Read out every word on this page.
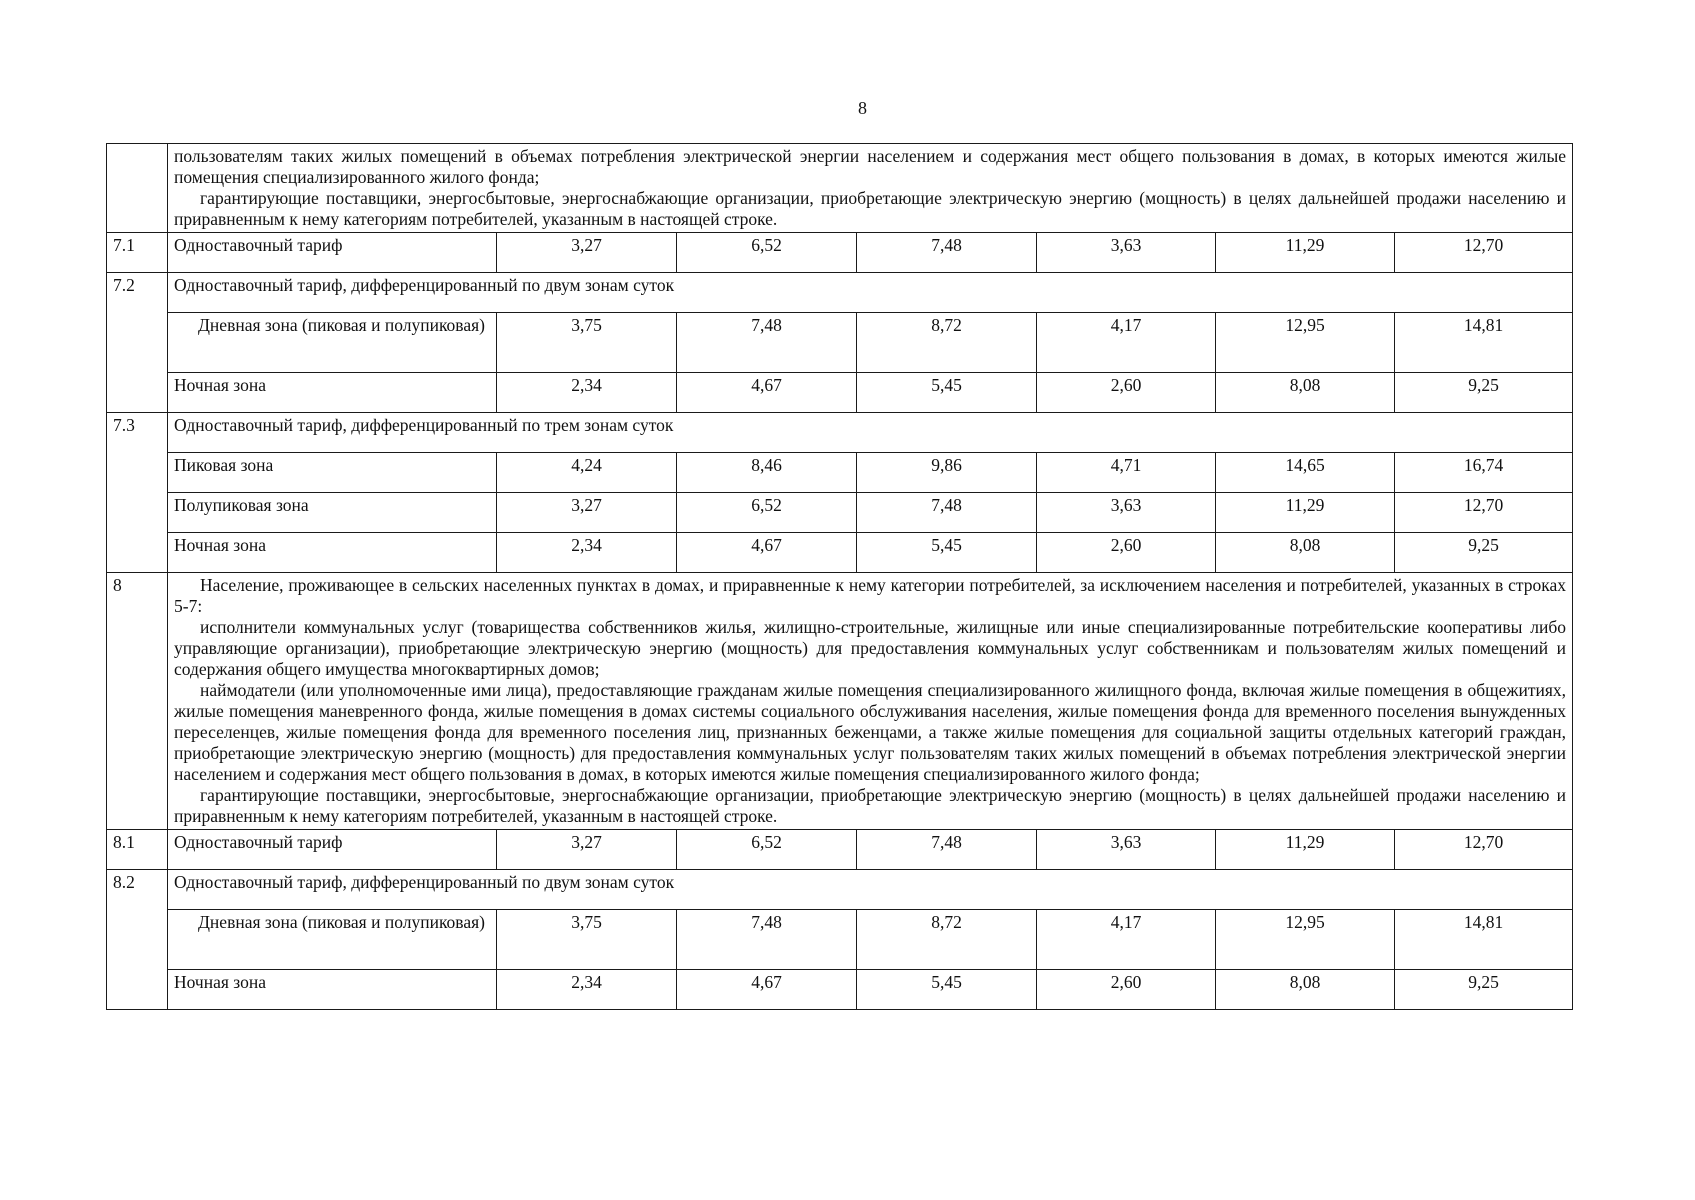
8

	пользователям таких жилых помещений в объемах потребления электрической энергии населением и содержания мест общего пользования в домах, в которых имеются жилые помещения специализированного жилого фонда;
гарантирующие поставщики, энергосбытовые, энергоснабжающие организации, приобретающие электрическую энергию (мощность) в целях дальнейшей продажи населению и приравненным к нему категориям потребителей, указанным в настоящей строке.						

7.1	Одноставочный тариф	3,27	6,52	7,48	3,63	11,29	12,70
7.2	Одноставочный тариф, дифференцированный по двум зонам суток						
	Дневная зона (пиковая и полупиковая)	3,75	7,48	8,72	4,17	12,95	14,81
	Ночная зона	2,34	4,67	5,45	2,60	8,08	9,25
7.3	Одноставочный тариф, дифференцированный по трем зонам суток						
	Пиковая зона	4,24	8,46	9,86	4,71	14,65	16,74
	Полупиковая зона	3,27	6,52	7,48	3,63	11,29	12,70
	Ночная зона	2,34	4,67	5,45	2,60	8,08	9,25
8	Население, проживающее в сельских населенных пунктах в домах, и приравненные к нему категории потребителей, за исключением населения и потребителей, указанных в строках 5-7:
исполнители коммунальных услуг (товарищества собственников жилья, жилищно-строительные, жилищные или иные специализированные потребительские кооперативы либо управляющие организации), приобретающие электрическую энергию (мощность) для предоставления коммунальных услуг собственникам и пользователям жилых помещений и содержания общего имущества многоквартирных домов;
наймодатели (или уполномоченные ими лица), предоставляющие гражданам жилые помещения специализированного жилищного фонда, включая жилые помещения в общежитиях, жилые помещения маневренного фонда, жилые помещения в домах системы социального обслуживания населения, жилые помещения фонда для временного поселения вынужденных переселенцев, жилые помещения фонда для временного поселения лиц, признанных беженцами, а также жилые помещения для социальной защиты отдельных категорий граждан, приобретающие электрическую энергию (мощность) для предоставления коммунальных услуг пользователям таких жилых помещений в объемах потребления электрической энергии населением и содержания мест общего пользования в домах, в которых имеются жилые помещения специализированного жилого фонда;
гарантирующие поставщики, энергосбытовые, энергоснабжающие организации, приобретающие электрическую энергию (мощность) в целях дальнейшей продажи населению и приравненным к нему категориям потребителей, указанным в настоящей строке.						

8.1	Одноставочный тариф	3,27	6,52	7,48	3,63	11,29	12,70
8.2	Одноставочный тариф, дифференцированный по двум зонам суток						
	Дневная зона (пиковая и полупиковая)	3,75	7,48	8,72	4,17	12,95	14,81
	Ночная зона	2,34	4,67	5,45	2,60	8,08	9,25
